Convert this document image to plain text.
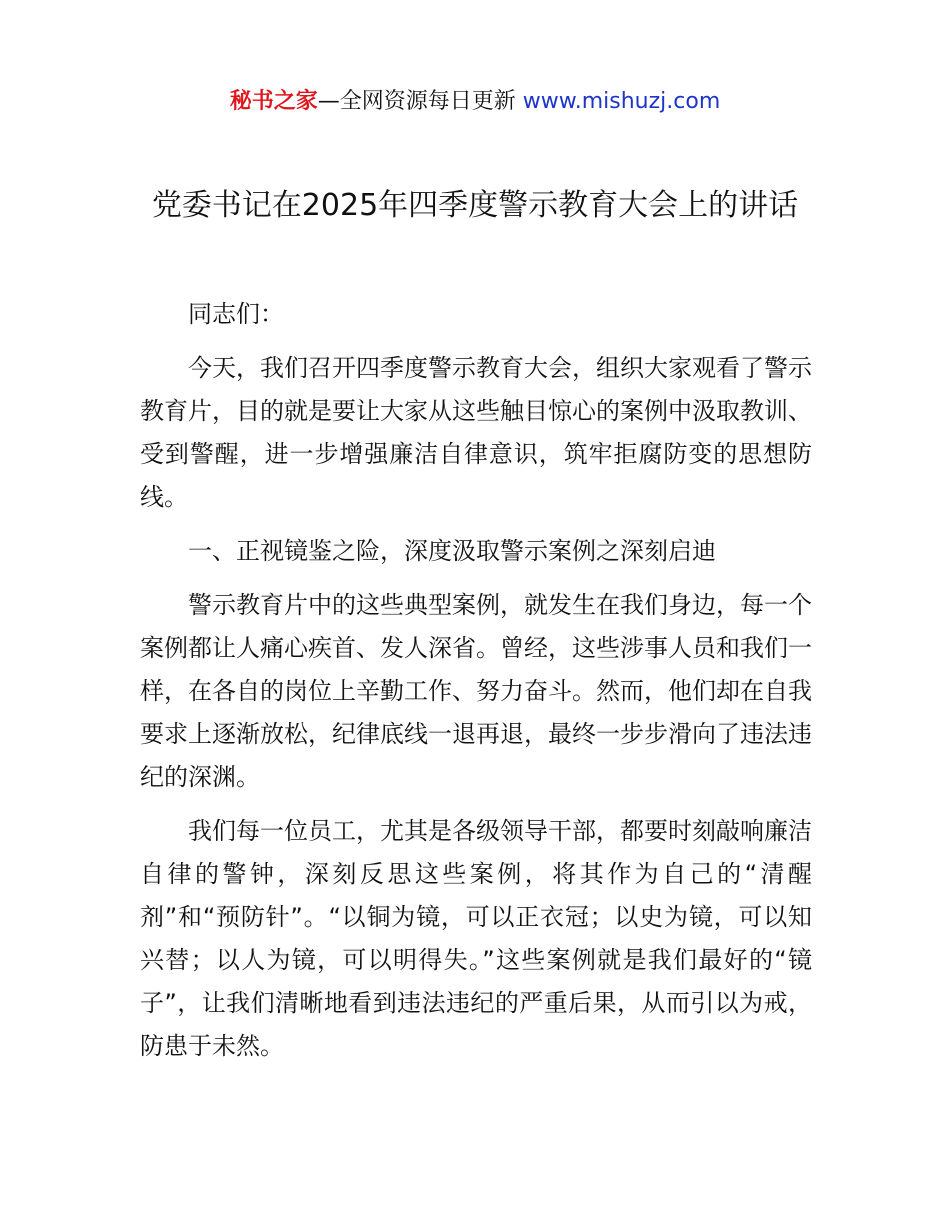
秘书之家—全网资源每日更新 www.mishuzj.com
党委书记在2025年四季度警示教育大会上的讲话

同志们：

今天，我们召开四季度警示教育大会，组织大家观看了警示教育片，目的就是要让大家从这些触目惊心的案例中汲取教训、受到警醒，进一步增强廉洁自律意识，筑牢拒腐防变的思想防线。

一、正视镜鉴之险，深度汲取警示案例之深刻启迪

警示教育片中的这些典型案例，就发生在我们身边，每一个案例都让人痛心疾首、发人深省。曾经，这些涉事人员和我们一样，在各自的岗位上辛勤工作、努力奋斗。然而，他们却在自我要求上逐渐放松，纪律底线一退再退，最终一步步滑向了违法违纪的深渊。

我们每一位员工，尤其是各级领导干部，都要时刻敲响廉洁自律的警钟，深刻反思这些案例，将其作为自己的“清醒剂”和“预防针”。“以铜为镜，可以正衣冠；以史为镜，可以知兴替；以人为镜，可以明得失。”这些案例就是我们最好的“镜子”，让我们清晰地看到违法违纪的严重后果，从而引以为戒，防患于未然。
